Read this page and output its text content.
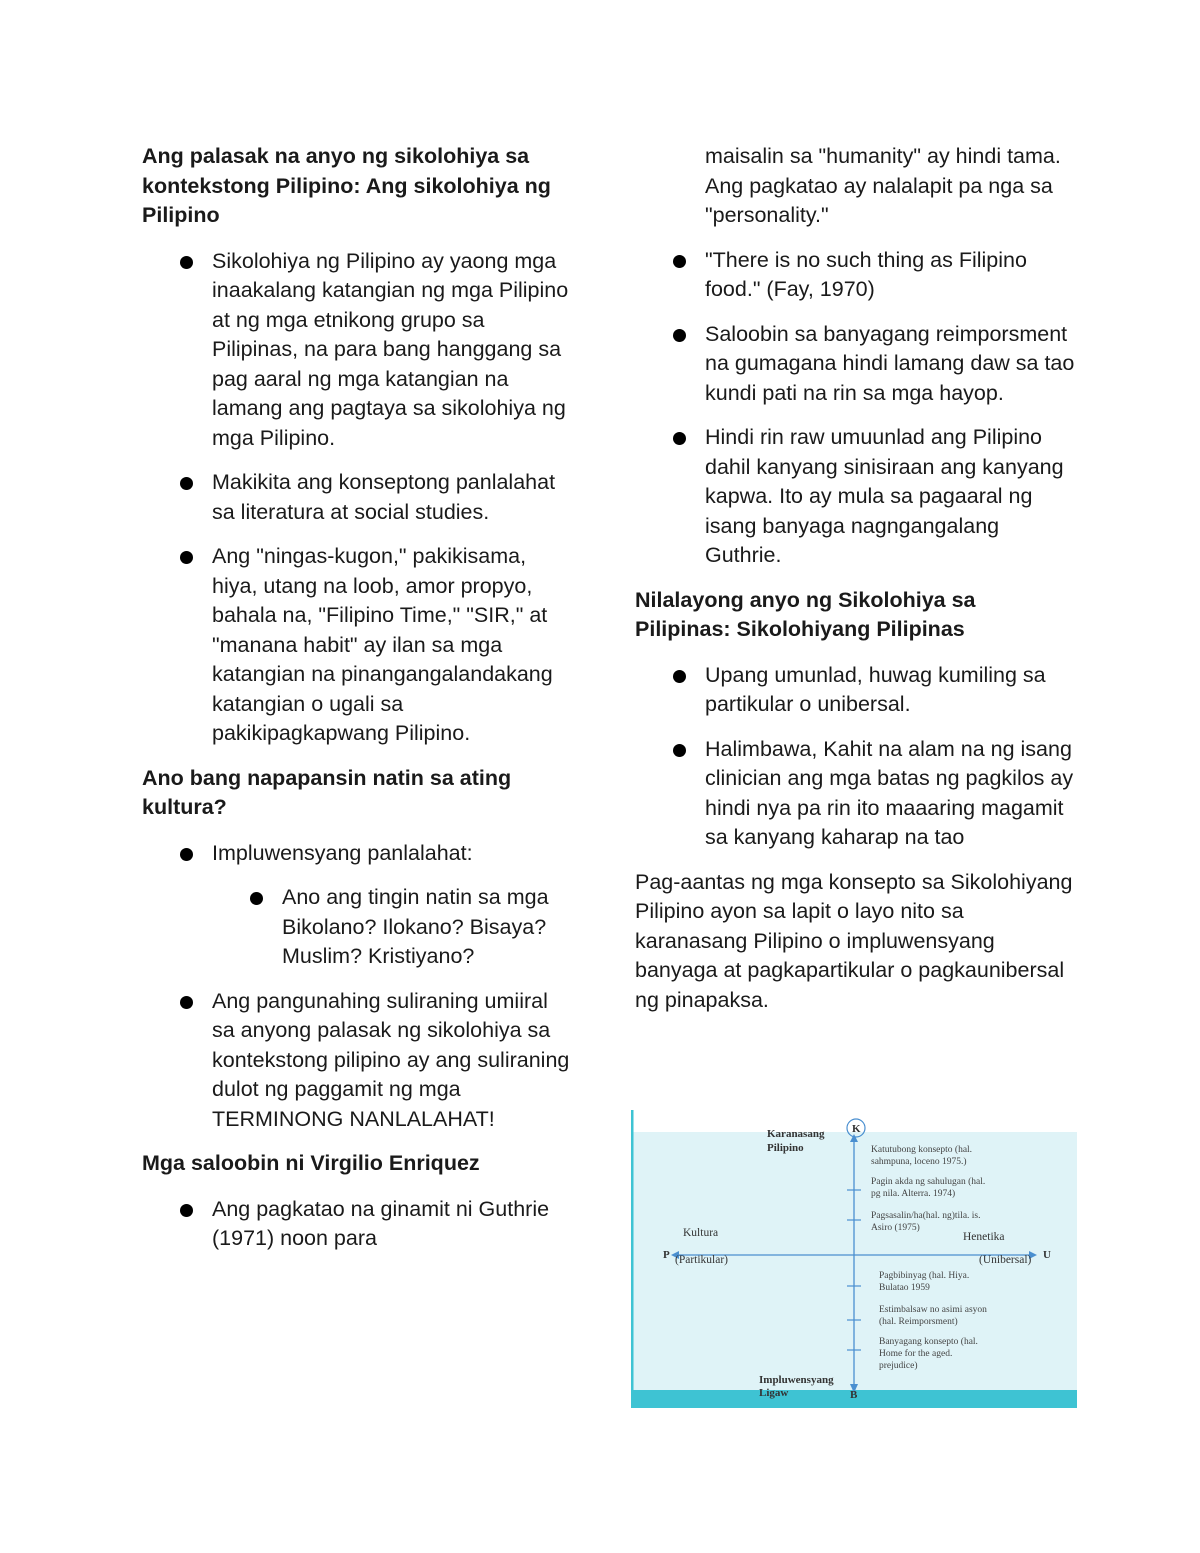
Ang palasak na anyo ng sikolohiya sa kontekstong Pilipino: Ang sikolohiya ng Pilipino
Sikolohiya ng Pilipino ay yaong mga inaakalang katangian ng mga Pilipino at ng mga etnikong grupo sa Pilipinas, na para bang hanggang sa pag aaral ng mga katangian na lamang ang pagtaya sa sikolohiya ng mga Pilipino.
Makikita ang konseptong panlalahat sa literatura at social studies.
Ang "ningas-kugon," pakikisama, hiya, utang na loob, amor propyo, bahala na, "Filipino Time," "SIR," at "manana habit" ay ilan sa mga katangian na pinangangalandakang katangian o ugali sa pakikipagkapwang Pilipino.
Ano bang napapansin natin sa ating kultura?
Impluwensyang panlalahat:
Ano ang tingin natin sa mga Bikolano? Ilokano? Bisaya? Muslim? Kristiyano?
Ang pangunahing suliraning umiiral sa anyong palasak ng sikolohiya sa kontekstong pilipino ay ang suliraning dulot ng paggamit ng mga TERMINONG NANLALAHAT!
Mga saloobin ni Virgilio Enriquez
Ang pagkatao na ginamit ni Guthrie (1971) noon para
maisalin sa "humanity" ay hindi tama. Ang pagkatao ay nalalapit pa nga sa "personality."
"There is no such thing as Filipino food." (Fay, 1970)
Saloobin sa banyagang reimporsment na gumagana hindi lamang daw sa tao kundi pati na rin sa mga hayop.
Hindi rin raw umuunlad ang Pilipino dahil kanyang sinisiraan ang kanyang kapwa. Ito ay mula sa pagaaral ng isang banyaga nagngangalang Guthrie.
Nilalayong anyo ng Sikolohiya sa Pilipinas: Sikolohiyang Pilipinas
Upang umunlad, huwag kumiling sa partikular o unibersal.
Halimbawa, Kahit na alam na ng isang clinician ang mga batas ng pagkilos ay hindi nya pa rin ito maaaring magamit sa kanyang kaharap na tao

Pag-aantas ng mga konsepto sa Sikolohiyang Pilipino ayon sa lapit o layo nito sa karanasang Pilipino o impluwensyang banyaga at pagkapartikular o pagkaunibersal ng pinapaksa.

Karanasang
Pilipino
K
Impluwensyang
Ligaw	B
P	U
Kultura
(Partikular)
Henetika
(Unibersal)
Katutubong konsepto (hal.
sahmpuna, loceno 1975.)
Pagin akda ng sahulugan (hal.
pg nila. Alterra. 1974)
Pagsasalin/ha(hal. ng)tila. is.
Asiro (1975)
Pagbibinyag (hal. Hiya.
Bulatao 1959
Estimbalsaw no asimi asyon
(hal. Reimporsment)
Banyagang konsepto (hal.
Home for the aged.
prejudice)
